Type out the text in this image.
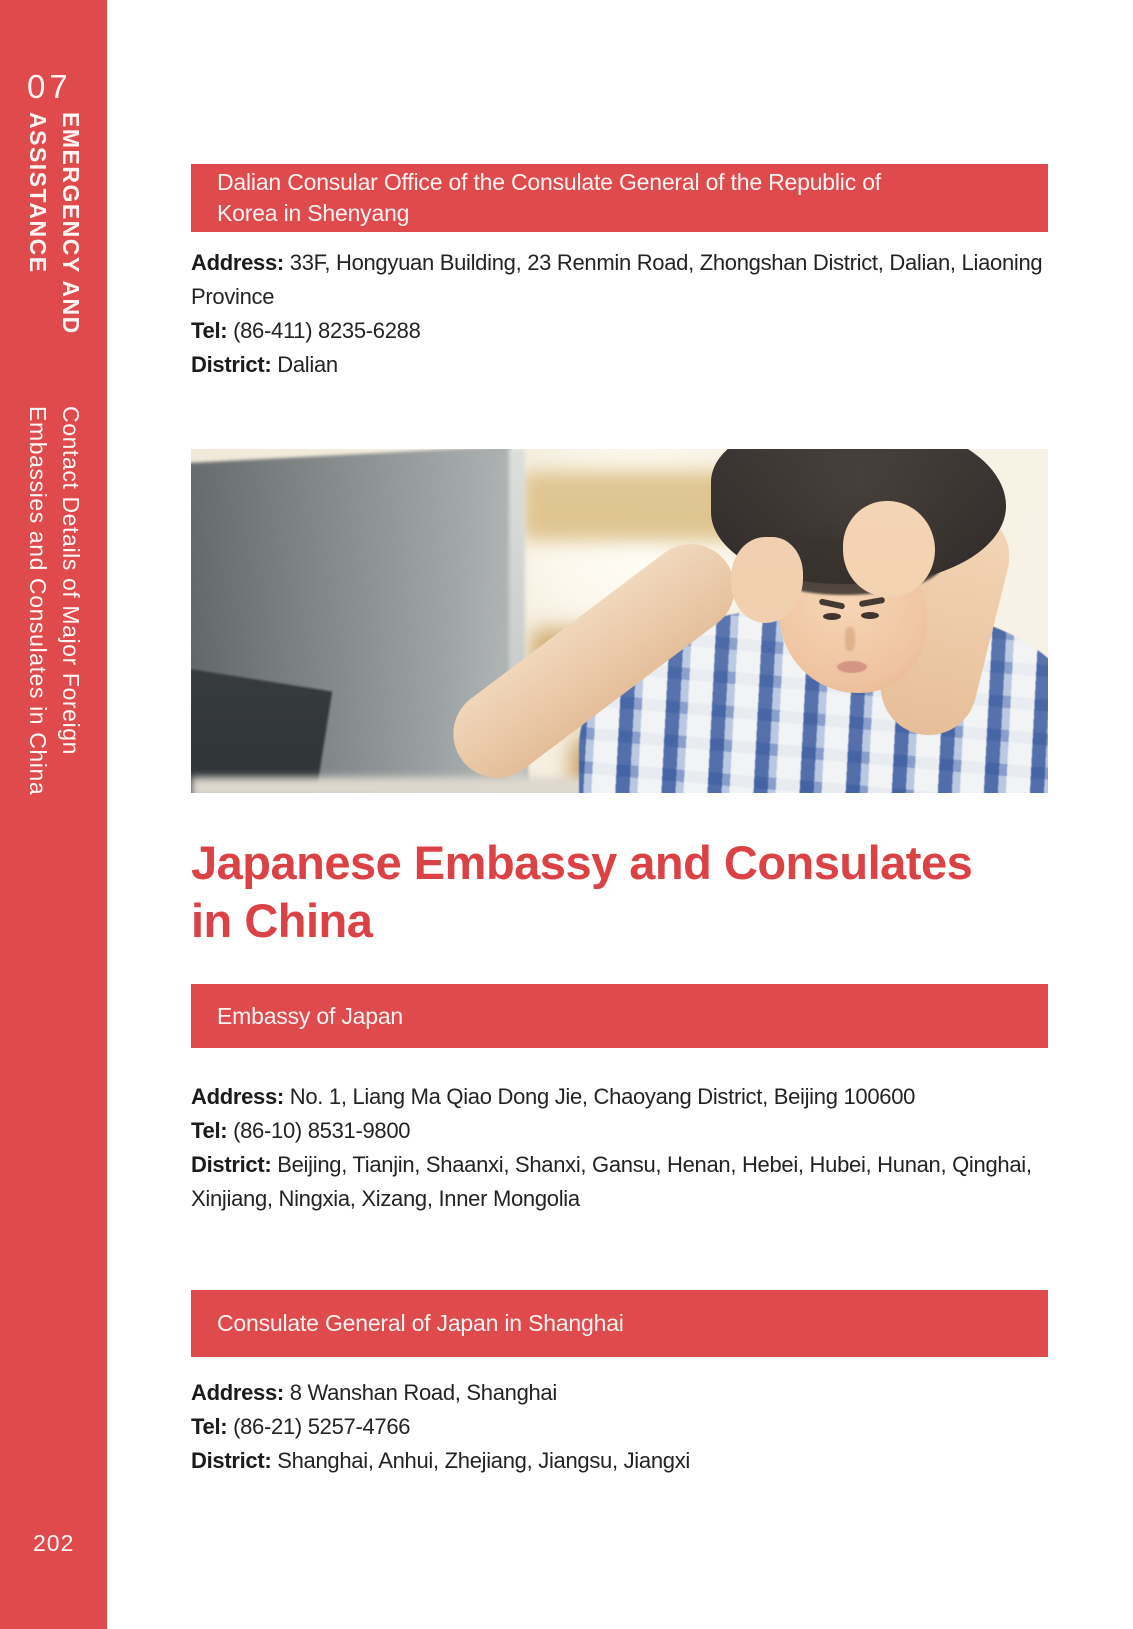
07
EMERGENCY AND
ASSISTANCE
Contact Details of Major Foreign
Embassies and Consulates in China
202
Dalian Consular Office of the Consulate General of the Republic of Korea in Shenyang

Address: 33F, Hongyuan Building, 23 Renmin Road, Zhongshan District, Dalian, Liaoning Province

Tel: (86-411) 8235-6288

District: Dalian

Japanese Embassy and Consulates in China
Embassy of Japan

Address: No. 1, Liang Ma Qiao Dong Jie, Chaoyang District, Beijing 100600

Tel: (86-10) 8531-9800

District: Beijing, Tianjin, Shaanxi, Shanxi, Gansu, Henan, Hebei, Hubei, Hunan, Qinghai, Xinjiang, Ningxia, Xizang, Inner Mongolia

Consulate General of Japan in Shanghai

Address: 8 Wanshan Road, Shanghai

Tel: (86-21) 5257-4766

District: Shanghai, Anhui, Zhejiang, Jiangsu, Jiangxi
